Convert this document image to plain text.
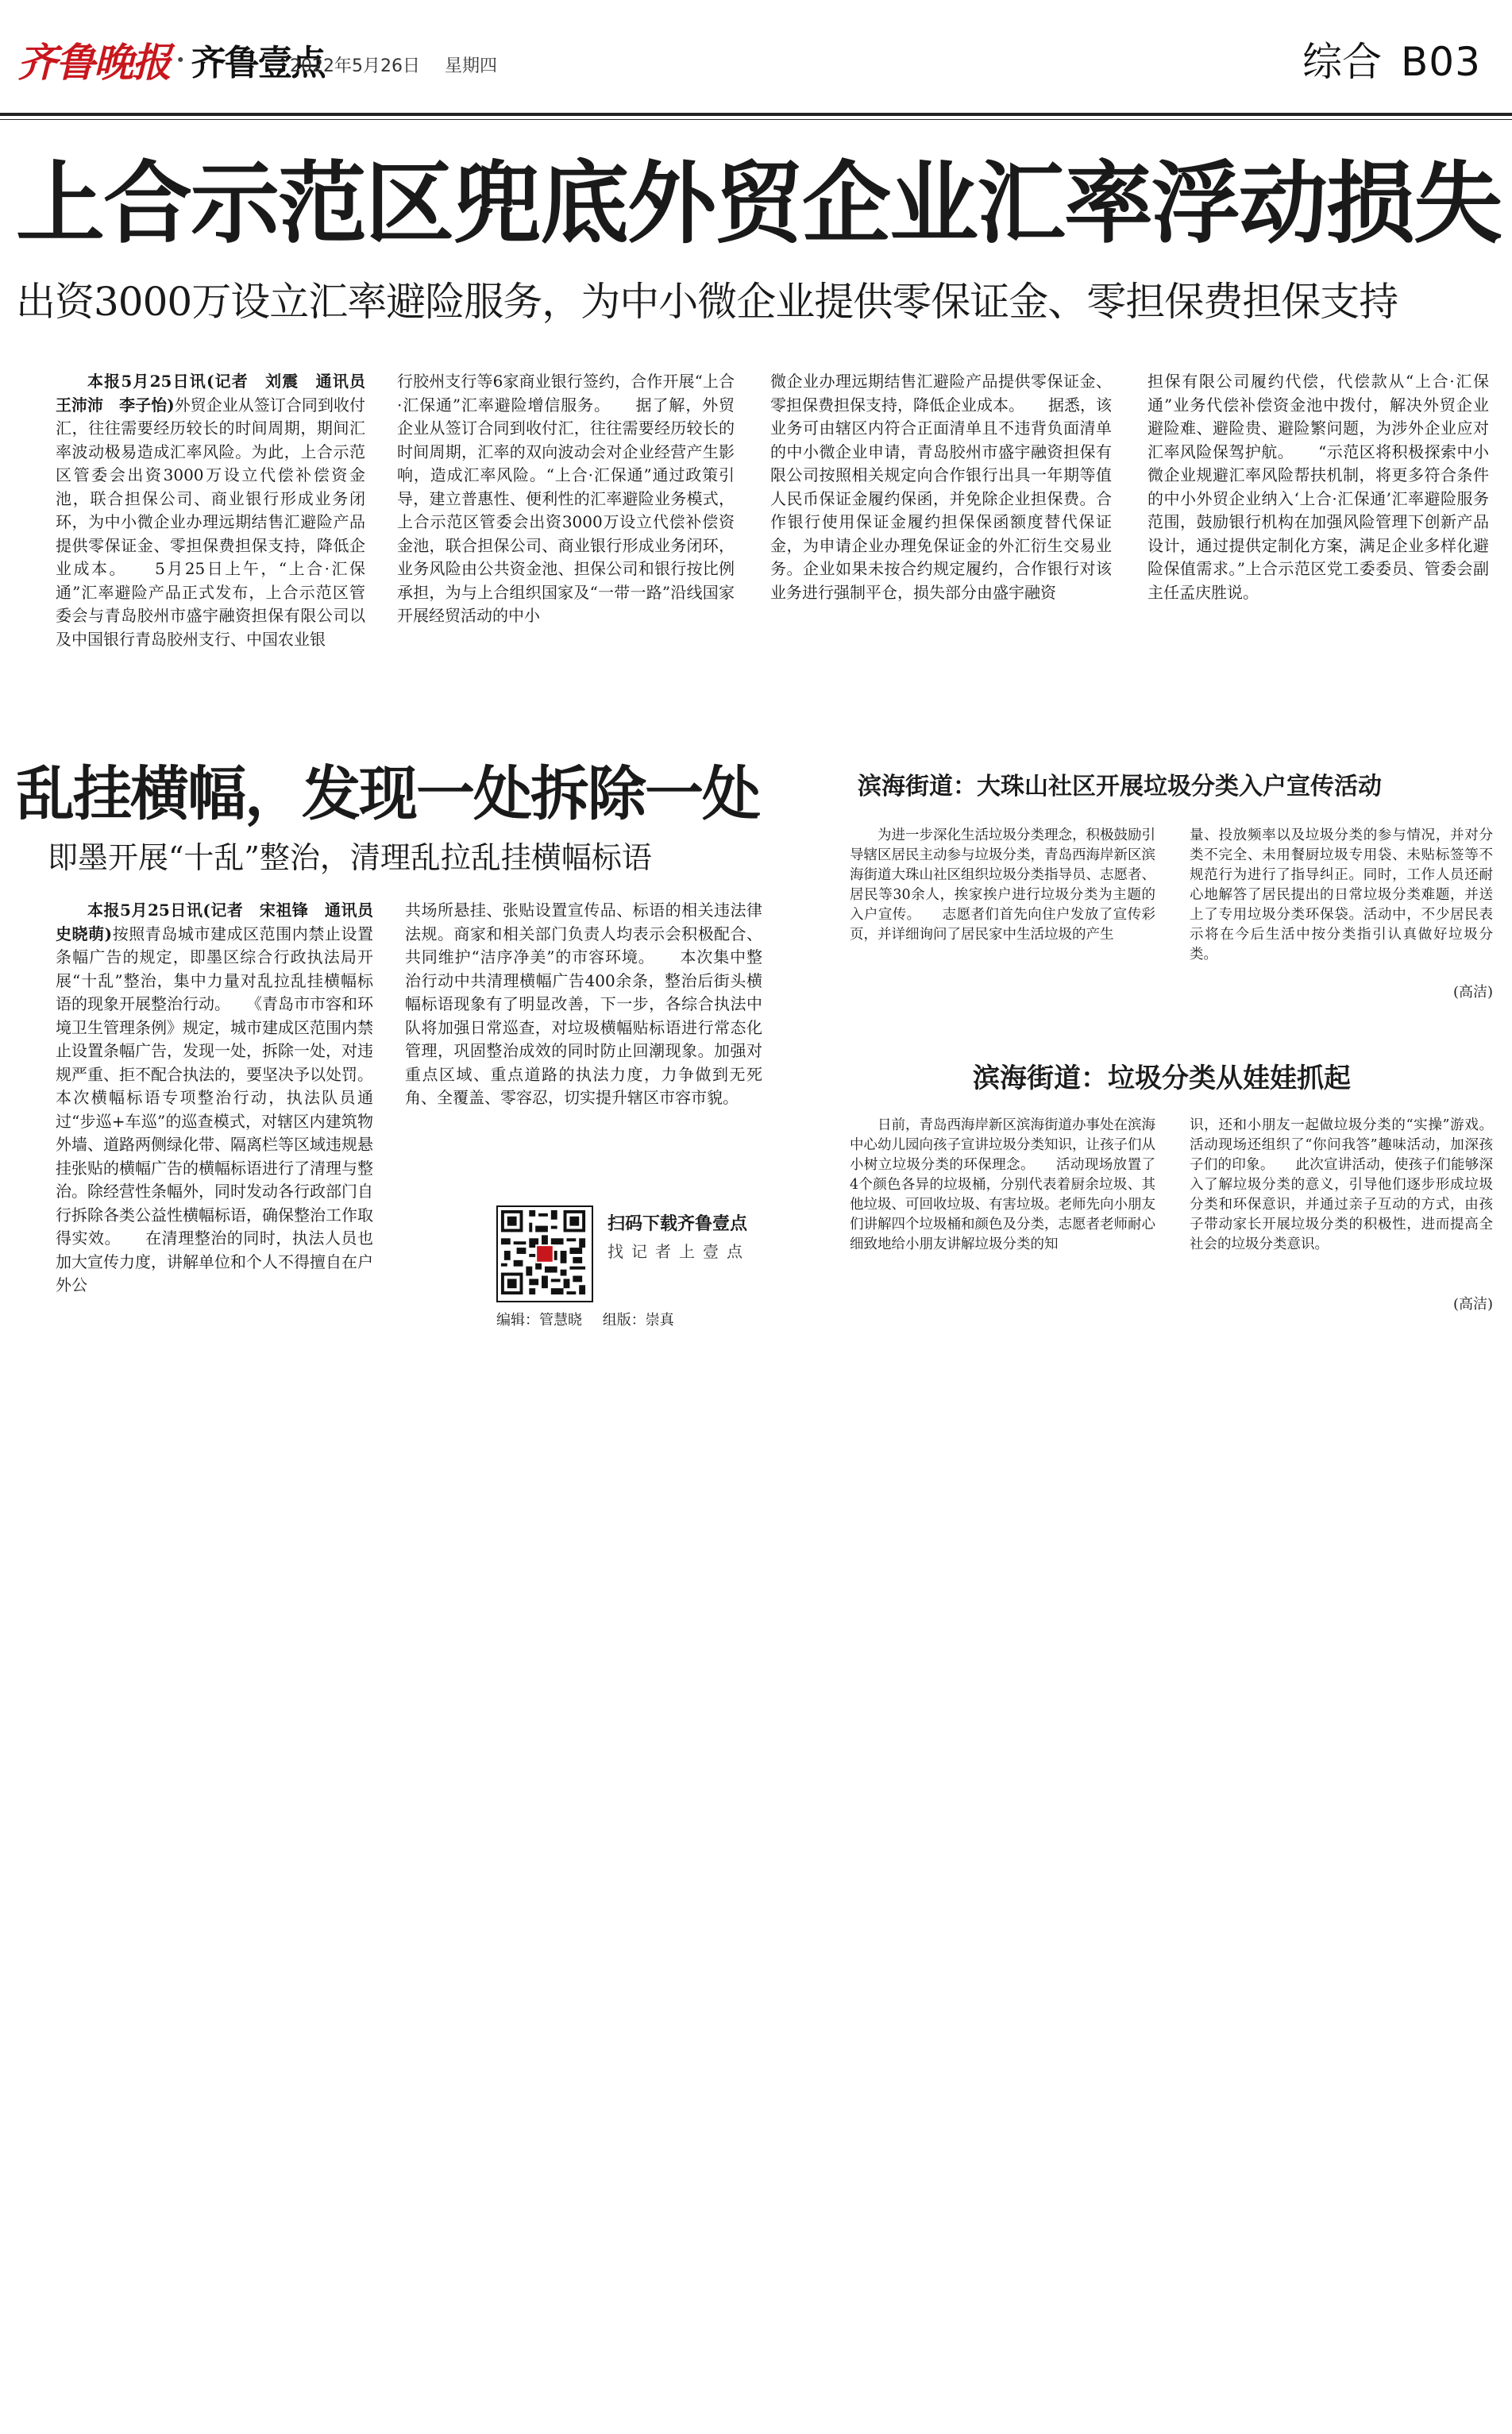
齐鲁晚报 · 齐鲁壹点
2022年5月26日 星期四	综合 B03
上合示范区兜底外贸企业汇率浮动损失
出资3000万设立汇率避险服务，为中小微企业提供零保证金、零担保费担保支持

本报5月25日讯(记者　刘震　通讯员　王沛沛　李子怡)外贸企业从签订合同到收付汇，往往需要经历较长的时间周期，期间汇率波动极易造成汇率风险。为此，上合示范区管委会出资3000万设立代偿补偿资金池，联合担保公司、商业银行形成业务闭环，为中小微企业办理远期结售汇避险产品提供零保证金、零担保费担保支持，降低企业成本。　　5月25日上午，“上合·汇保通”汇率避险产品正式发布，上合示范区管委会与青岛胶州市盛宇融资担保有限公司以及中国银行青岛胶州支行、中国农业银

行胶州支行等6家商业银行签约，合作开展“上合·汇保通”汇率避险增信服务。　　据了解，外贸企业从签订合同到收付汇，往往需要经历较长的时间周期，汇率的双向波动会对企业经营产生影响，造成汇率风险。“上合·汇保通”通过政策引导，建立普惠性、便利性的汇率避险业务模式，上合示范区管委会出资3000万设立代偿补偿资金池，联合担保公司、商业银行形成业务闭环，业务风险由公共资金池、担保公司和银行按比例承担，为与上合组织国家及“一带一路”沿线国家开展经贸活动的中小

微企业办理远期结售汇避险产品提供零保证金、零担保费担保支持，降低企业成本。　　据悉，该业务可由辖区内符合正面清单且不违背负面清单的中小微企业申请，青岛胶州市盛宇融资担保有限公司按照相关规定向合作银行出具一年期等值人民币保证金履约保函，并免除企业担保费。合作银行使用保证金履约担保保函额度替代保证金，为申请企业办理免保证金的外汇衍生交易业务。企业如果未按合约规定履约，合作银行对该业务进行强制平仓，损失部分由盛宇融资

担保有限公司履约代偿，代偿款从“上合·汇保通”业务代偿补偿资金池中拨付，解决外贸企业避险难、避险贵、避险繁问题，为涉外企业应对汇率风险保驾护航。　　“示范区将积极探索中小微企业规避汇率风险帮扶机制，将更多符合条件的中小外贸企业纳入‘上合·汇保通’汇率避险服务范围，鼓励银行机构在加强风险管理下创新产品设计，通过提供定制化方案，满足企业多样化避险保值需求。”上合示范区党工委委员、管委会副主任孟庆胜说。

乱挂横幅，发现一处拆除一处
即墨开展“十乱”整治，清理乱拉乱挂横幅标语

本报5月25日讯(记者　宋祖锋　通讯员　史晓萌)按照青岛城市建成区范围内禁止设置条幅广告的规定，即墨区综合行政执法局开展“十乱”整治，集中力量对乱拉乱挂横幅标语的现象开展整治行动。　　《青岛市市容和环境卫生管理条例》规定，城市建成区范围内禁止设置条幅广告，发现一处，拆除一处，对违规严重、拒不配合执法的，要坚决予以处罚。本次横幅标语专项整治行动，执法队员通过“步巡+车巡”的巡查模式，对辖区内建筑物外墙、道路两侧绿化带、隔离栏等区域违规悬挂张贴的横幅广告的横幅标语进行了清理与整治。除经营性条幅外，同时发动各行政部门自行拆除各类公益性横幅标语，确保整治工作取得实效。　　在清理整治的同时，执法人员也加大宣传力度，讲解单位和个人不得擅自在户外公

共场所悬挂、张贴设置宣传品、标语的相关违法律法规。商家和相关部门负责人均表示会积极配合、共同维护“洁序净美”的市容环境。　　本次集中整治行动中共清理横幅广告400余条，整治后街头横幅标语现象有了明显改善，下一步，各综合执法中队将加强日常巡查，对垃圾横幅贴标语进行常态化管理，巩固整治成效的同时防止回潮现象。加强对重点区域、重点道路的执法力度，力争做到无死角、全覆盖、零容忍，切实提升辖区市容市貌。

扫码下载齐鲁壹点
找记者上壹点
编辑：管慧晓 组版：崇真
滨海街道：大珠山社区开展垃圾分类入户宣传活动

为进一步深化生活垃圾分类理念，积极鼓励引导辖区居民主动参与垃圾分类，青岛西海岸新区滨海街道大珠山社区组织垃圾分类指导员、志愿者、居民等30余人，挨家挨户进行垃圾分类为主题的入户宣传。　　志愿者们首先向住户发放了宣传彩页，并详细询问了居民家中生活垃圾的产生

量、投放频率以及垃圾分类的参与情况，并对分类不完全、未用餐厨垃圾专用袋、未贴标签等不规范行为进行了指导纠正。同时，工作人员还耐心地解答了居民提出的日常垃圾分类难题，并送上了专用垃圾分类环保袋。活动中，不少居民表示将在今后生活中按分类指引认真做好垃圾分类。

(高洁)
滨海街道：垃圾分类从娃娃抓起

日前，青岛西海岸新区滨海街道办事处在滨海中心幼儿园向孩子宣讲垃圾分类知识，让孩子们从小树立垃圾分类的环保理念。　　活动现场放置了4个颜色各异的垃圾桶，分别代表着厨余垃圾、其他垃圾、可回收垃圾、有害垃圾。老师先向小朋友们讲解四个垃圾桶和颜色及分类，志愿者老师耐心细致地给小朋友讲解垃圾分类的知

识，还和小朋友一起做垃圾分类的“实操”游戏。活动现场还组织了“你问我答”趣味活动，加深孩子们的印象。　　此次宣讲活动，使孩子们能够深入了解垃圾分类的意义，引导他们逐步形成垃圾分类和环保意识，并通过亲子互动的方式，由孩子带动家长开展垃圾分类的积极性，进而提高全社会的垃圾分类意识。

(高洁)
